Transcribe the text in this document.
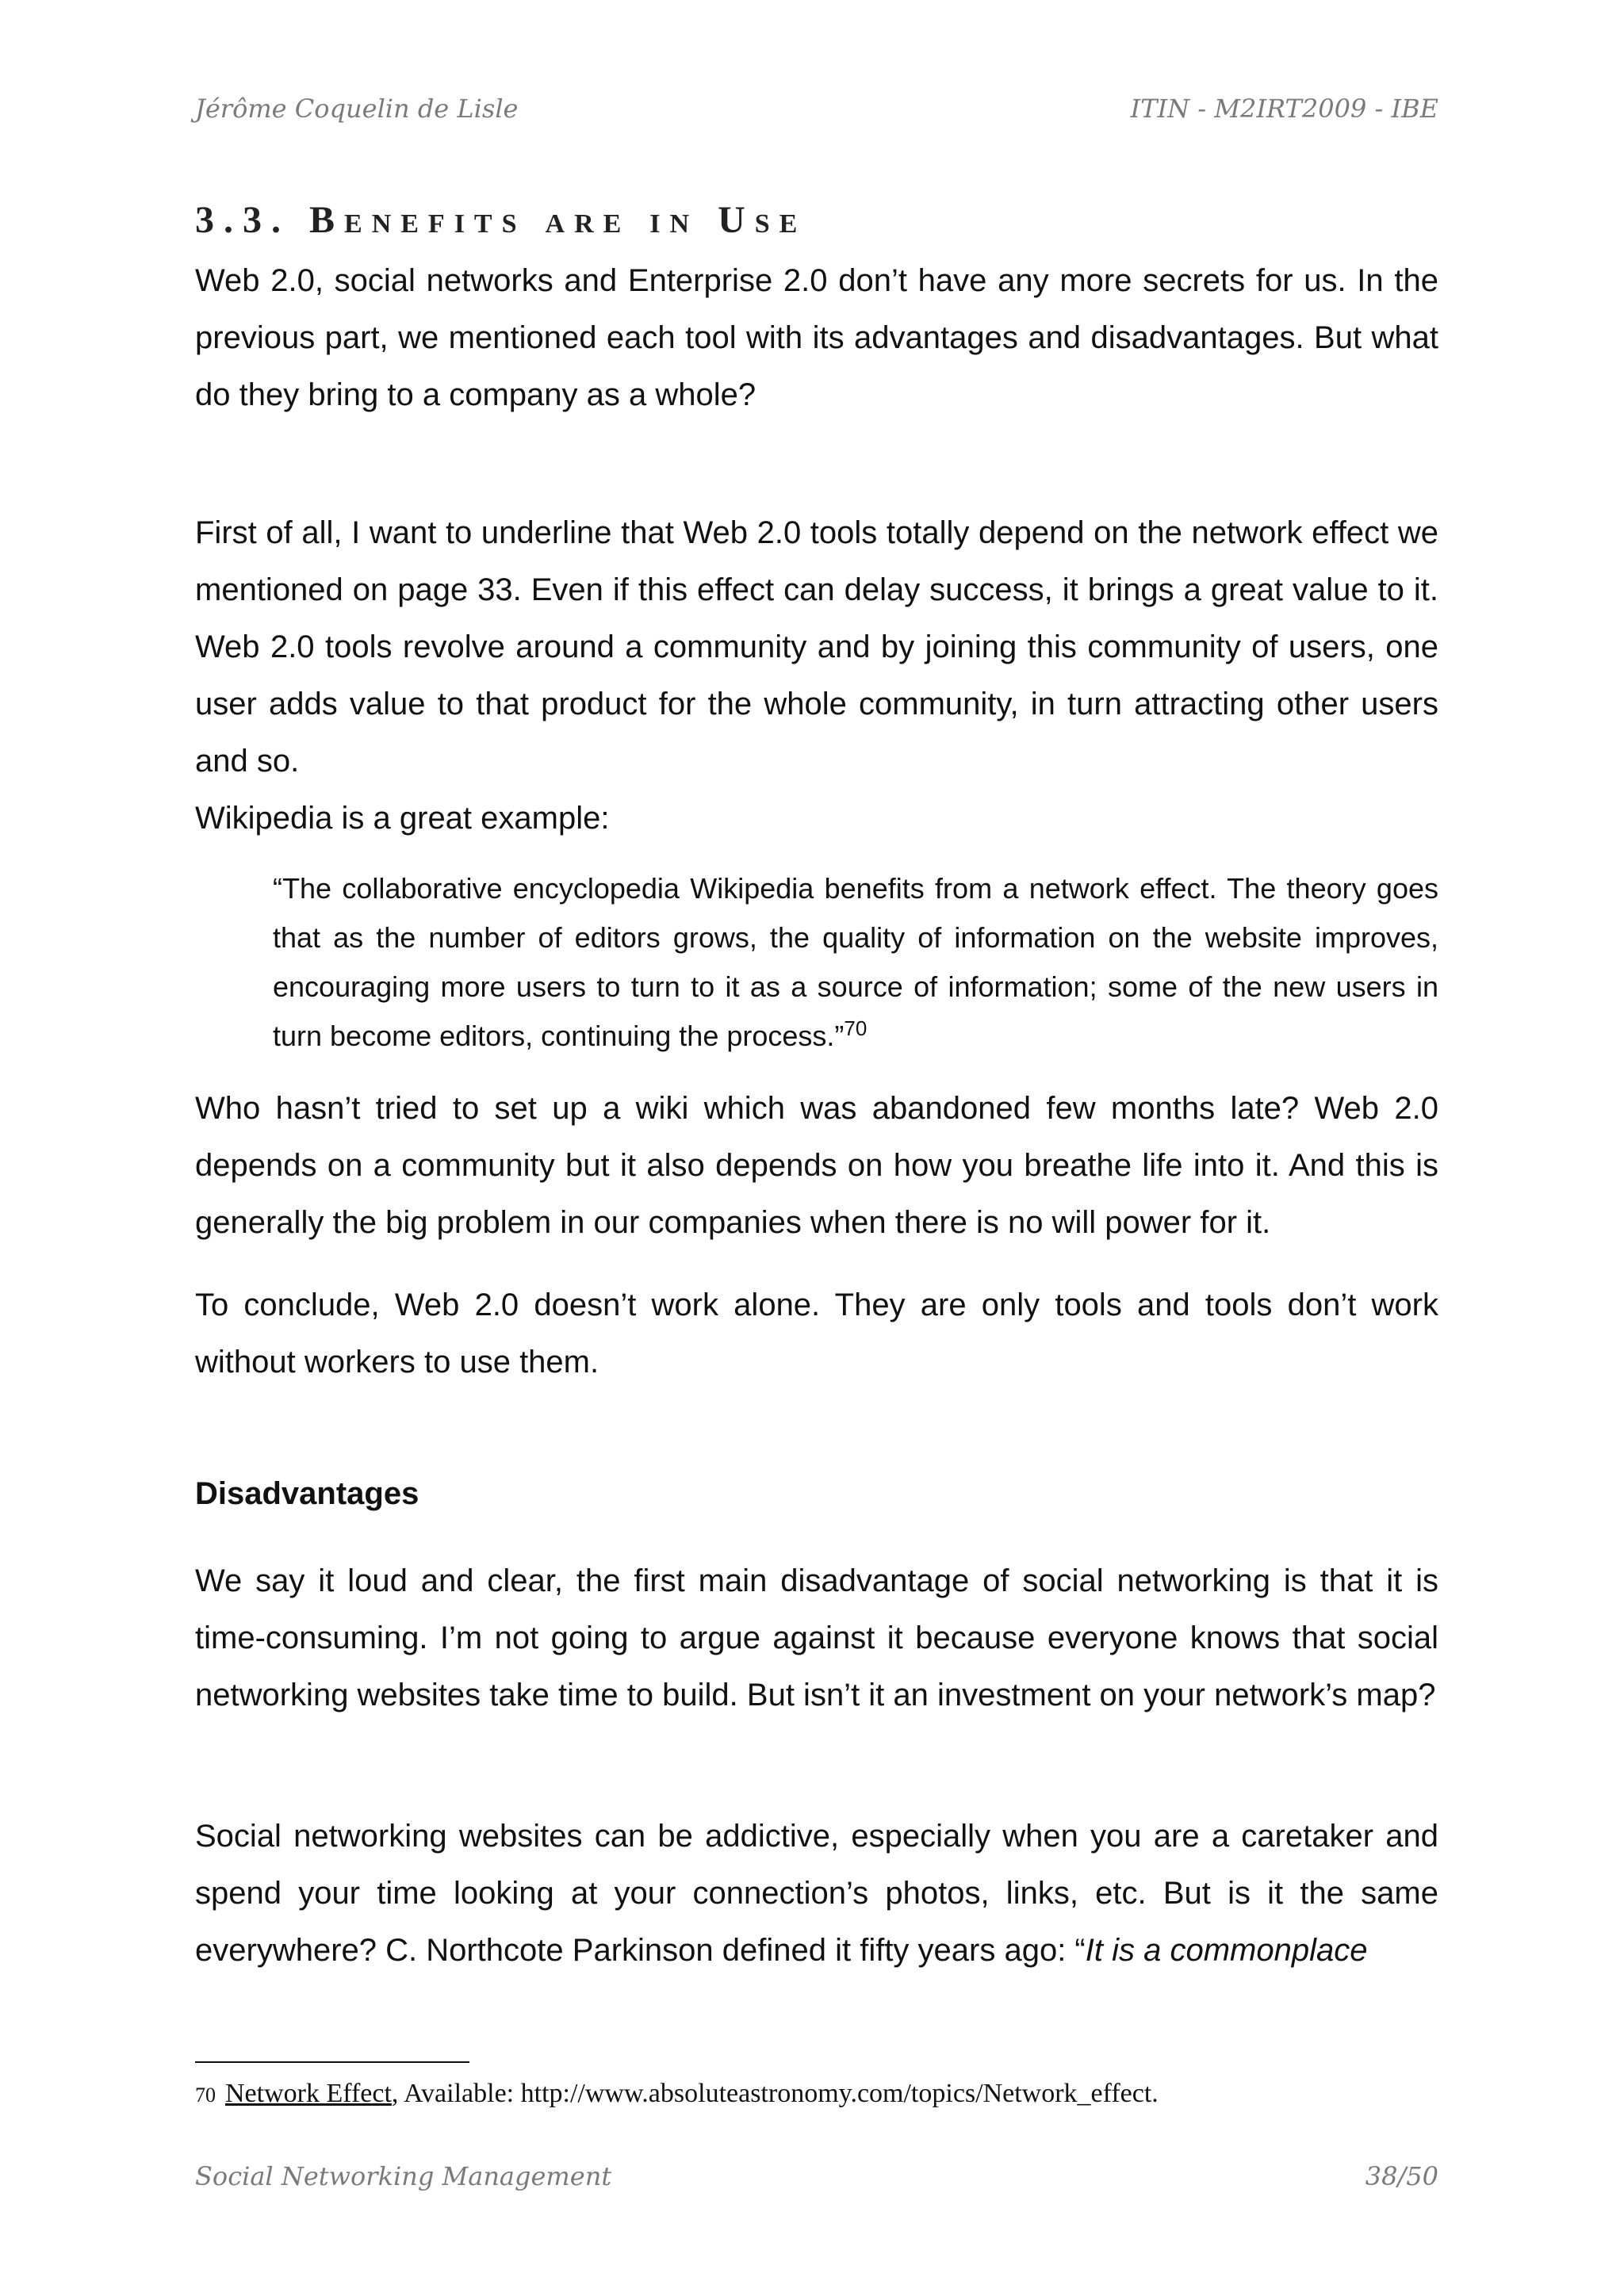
Jérôme Coquelin de Lisle	ITIN - M2IRT2009 - IBE
3.3. Benefits are in Use

Web 2.0, social networks and Enterprise 2.0 don’t have any more secrets for us. In the previous part, we mentioned each tool with its advantages and disadvantages. But what do they bring to a company as a whole?

First of all, I want to underline that Web 2.0 tools totally depend on the network effect we mentioned on page 33. Even if this effect can delay success, it brings a great value to it. Web 2.0 tools revolve around a community and by joining this community of users, one user adds value to that product for the whole community, in turn attracting other users and so.

Wikipedia is a great example:

“The collaborative encyclopedia Wikipedia benefits from a network effect. The theory goes that as the number of editors grows, the quality of information on the website improves, encouraging more users to turn to it as a source of information; some of the new users in turn become editors, continuing the process.”$^{70}$

Who hasn’t tried to set up a wiki which was abandoned few months late? Web 2.0 depends on a community but it also depends on how you breathe life into it. And this is generally the big problem in our companies when there is no will power for it.

To conclude, Web 2.0 doesn’t work alone. They are only tools and tools don’t work without workers to use them.

Disadvantages

We say it loud and clear, the first main disadvantage of social networking is that it is time-consuming. I’m not going to argue against it because everyone knows that social networking websites take time to build. But isn’t it an investment on your network’s map?

Social networking websites can be addictive, especially when you are a caretaker and spend your time looking at your connection’s photos, links, etc. But is it the same everywhere? C. Northcote Parkinson defined it fifty years ago: “It is a commonplace

70 Network Effect, Available: http://www.absoluteastronomy.com/topics/Network_effect.
Social Networking Management	38/50
